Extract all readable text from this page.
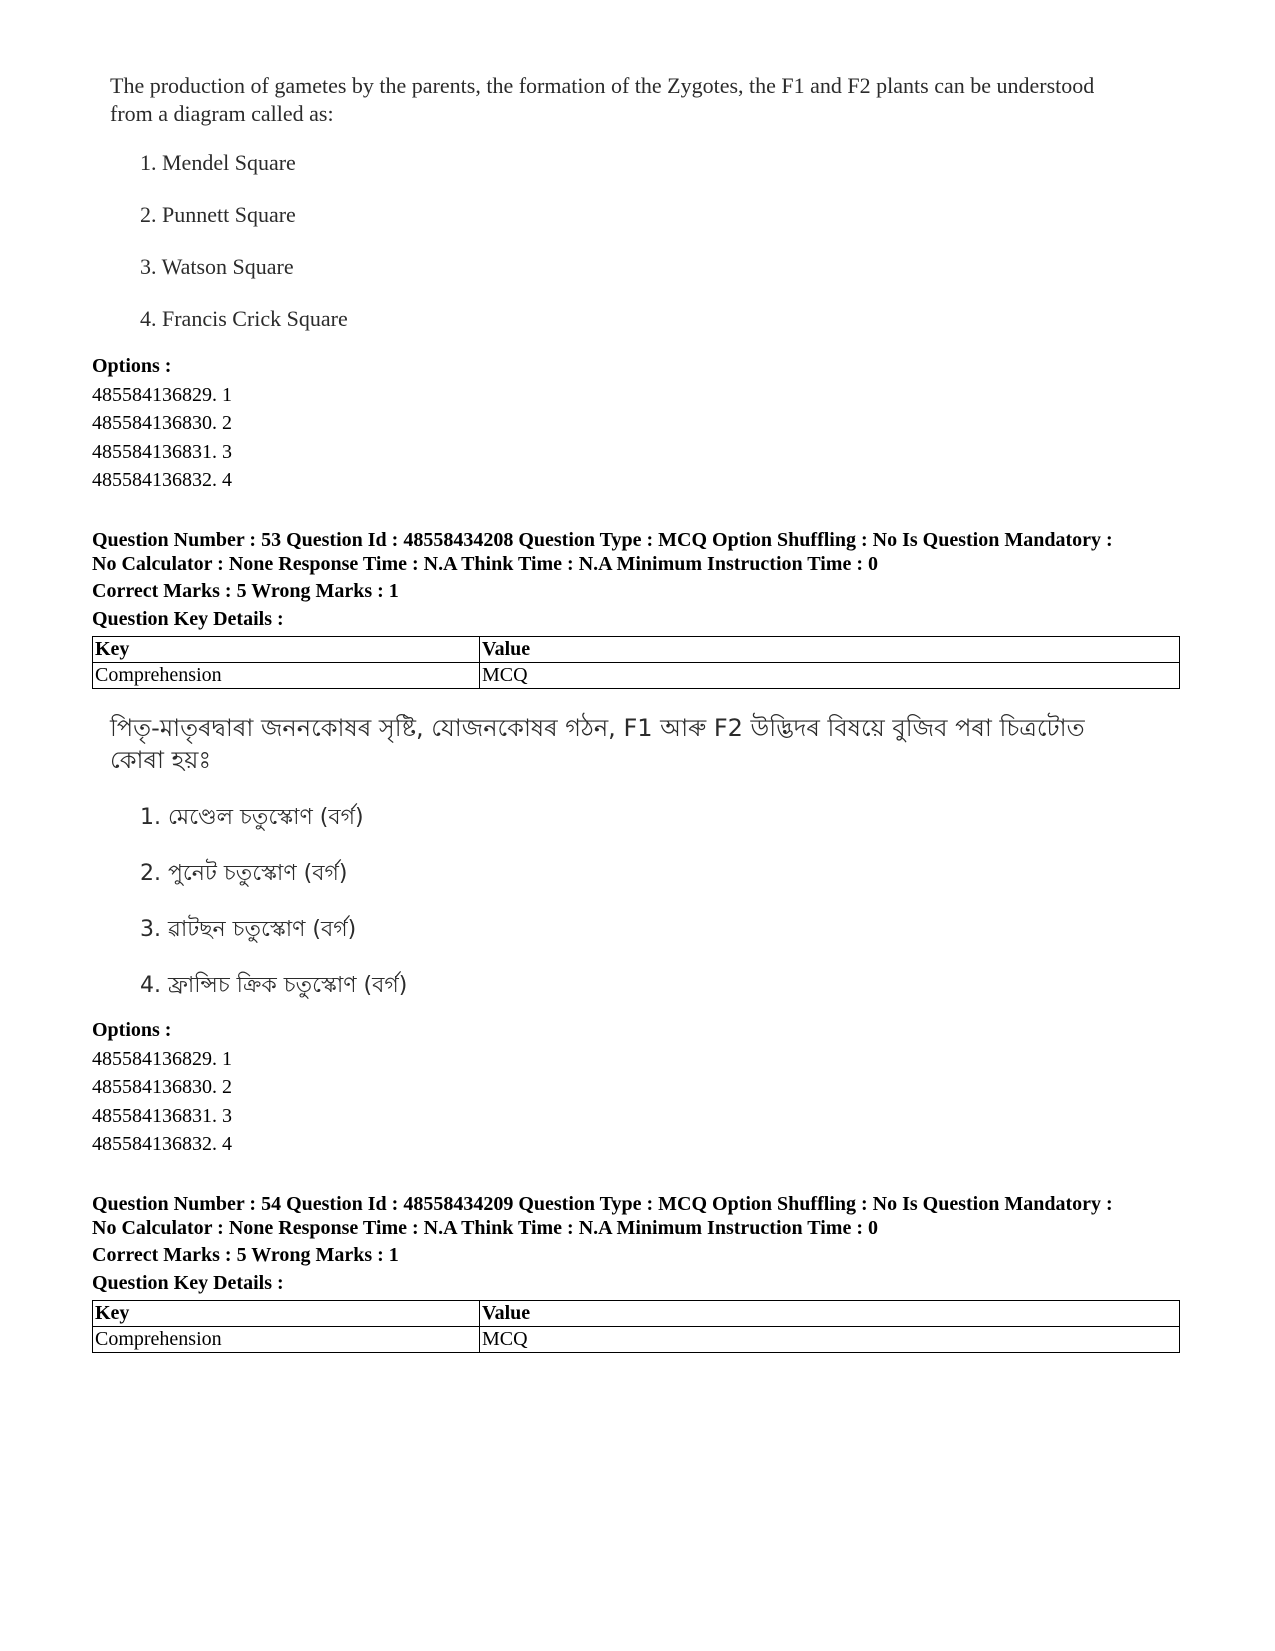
The production of gametes by the parents, the formation of the Zygotes, the F1 and F2 plants can be understood from a diagram called as:
1. Mendel Square
2. Punnett Square
3. Watson Square
4. Francis Crick Square
Options :
485584136829. 1
485584136830. 2
485584136831. 3
485584136832. 4
Question Number : 53 Question Id : 48558434208 Question Type : MCQ Option Shuffling : No Is Question Mandatory :
No Calculator : None Response Time : N.A Think Time : N.A Minimum Instruction Time : 0
Correct Marks : 5 Wrong Marks : 1
Question Key Details :
Key	Value
Comprehension	MCQ
পিতৃ-মাতৃৰদ্বাৰা জননকোষৰ সৃষ্টি, যোজনকোষৰ গঠন, F1 আৰু F2 উদ্ভিদৰ বিষয়ে বুজিব পৰা চিত্ৰটোত
কোৰা হয়ঃ
1. মেণ্ডেল চতুস্কোণ (বৰ্গ)
2. পুনেট চতুস্কোণ (বৰ্গ)
3. ৱাটছন চতুস্কোণ (বৰ্গ)
4. ফ্ৰান্সিচ ক্ৰিক চতুস্কোণ (বৰ্গ)
Options :
485584136829. 1
485584136830. 2
485584136831. 3
485584136832. 4
Question Number : 54 Question Id : 48558434209 Question Type : MCQ Option Shuffling : No Is Question Mandatory :
No Calculator : None Response Time : N.A Think Time : N.A Minimum Instruction Time : 0
Correct Marks : 5 Wrong Marks : 1
Question Key Details :
Key	Value
Comprehension	MCQ
